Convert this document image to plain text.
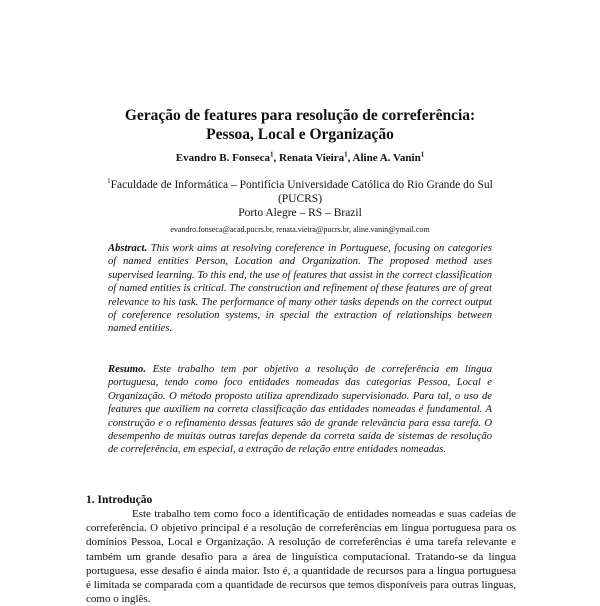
Geração de features para resolução de correferência:
Pessoa, Local e Organização
Evandro B. Fonseca$^1$, Renata Vieira$^1$, Aline A. Vanin$^1$
$^1$Faculdade de Informática – Pontifícia Universidade Católica do Rio Grande do Sul
(PUCRS)
Porto Alegre – RS – Brazil
evandro.fonseca@acad.pucrs.br, renata.vieira@pucrs.br, aline.vanin@ymail.com
Abstract. This work aims at resolving coreference in Portuguese, focusing on categories of named entities Person, Location and Organization. The proposed method uses supervised learning. To this end, the use of features that assist in the correct classification of named entities is critical. The construction and refinement of these features are of great relevance to his task. The performance of many other tasks depends on the correct output of coreference resolution systems, in special the extraction of relationships between named entities.
Resumo. Este trabalho tem por objetivo a resolução de correferência em língua portuguesa, tendo como foco entidades nomeadas das categorias Pessoa, Local e Organização. O método proposto utiliza aprendizado supervisionado. Para tal, o uso de features que auxiliem na correta classificação das entidades nomeadas é fundamental. A construção e o refinamento dessas features são de grande relevância para essa tarefa. O desempenho de muitas outras tarefas depende da correta saída de sistemas de resolução de correferência, em especial, a extração de relação entre entidades nomeadas.
1. Introdução
Este trabalho tem como foco a identificação de entidades nomeadas e suas cadeias de correferência. O objetivo principal é a resolução de correferências em língua portuguesa para os domínios Pessoa, Local e Organização. A resolução de correferências é uma tarefa relevante e também um grande desafio para a área de linguística computacional. Tratando-se da língua portuguesa, esse desafio é ainda maior. Isto é, a quantidade de recursos para a língua portuguesa é limitada se comparada com a quantidade de recursos que temos disponíveis para outras línguas, como o inglês.
